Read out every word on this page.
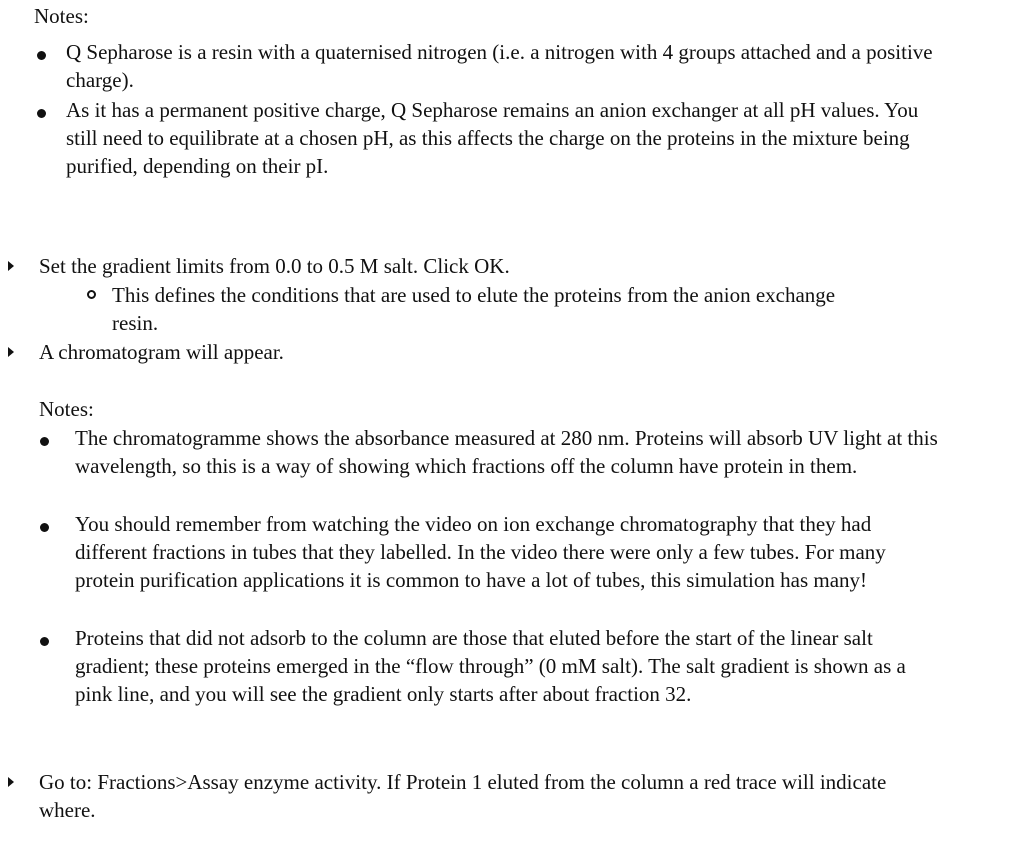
Notes:
Q Sepharose is a resin with a quaternised nitrogen (i.e. a nitrogen with 4 groups attached and a positive charge).
As it has a permanent positive charge, Q Sepharose remains an anion exchanger at all pH values. You still need to equilibrate at a chosen pH, as this affects the charge on the proteins in the mixture being purified, depending on their pI.
Set the gradient limits from 0.0 to 0.5 M salt. Click OK.
This defines the conditions that are used to elute the proteins from the anion exchange resin.
A chromatogram will appear.
Notes:
The chromatogramme shows the absorbance measured at 280 nm. Proteins will absorb UV light at this wavelength, so this is a way of showing which fractions off the column have protein in them.
You should remember from watching the video on ion exchange chromatography that they had different fractions in tubes that they labelled. In the video there were only a few tubes. For many protein purification applications it is common to have a lot of tubes, this simulation has many!
Proteins that did not adsorb to the column are those that eluted before the start of the linear salt gradient; these proteins emerged in the “flow through” (0 mM salt). The salt gradient is shown as a pink line, and you will see the gradient only starts after about fraction 32.
Go to: Fractions>Assay enzyme activity. If Protein 1 eluted from the column a red trace will indicate where.
